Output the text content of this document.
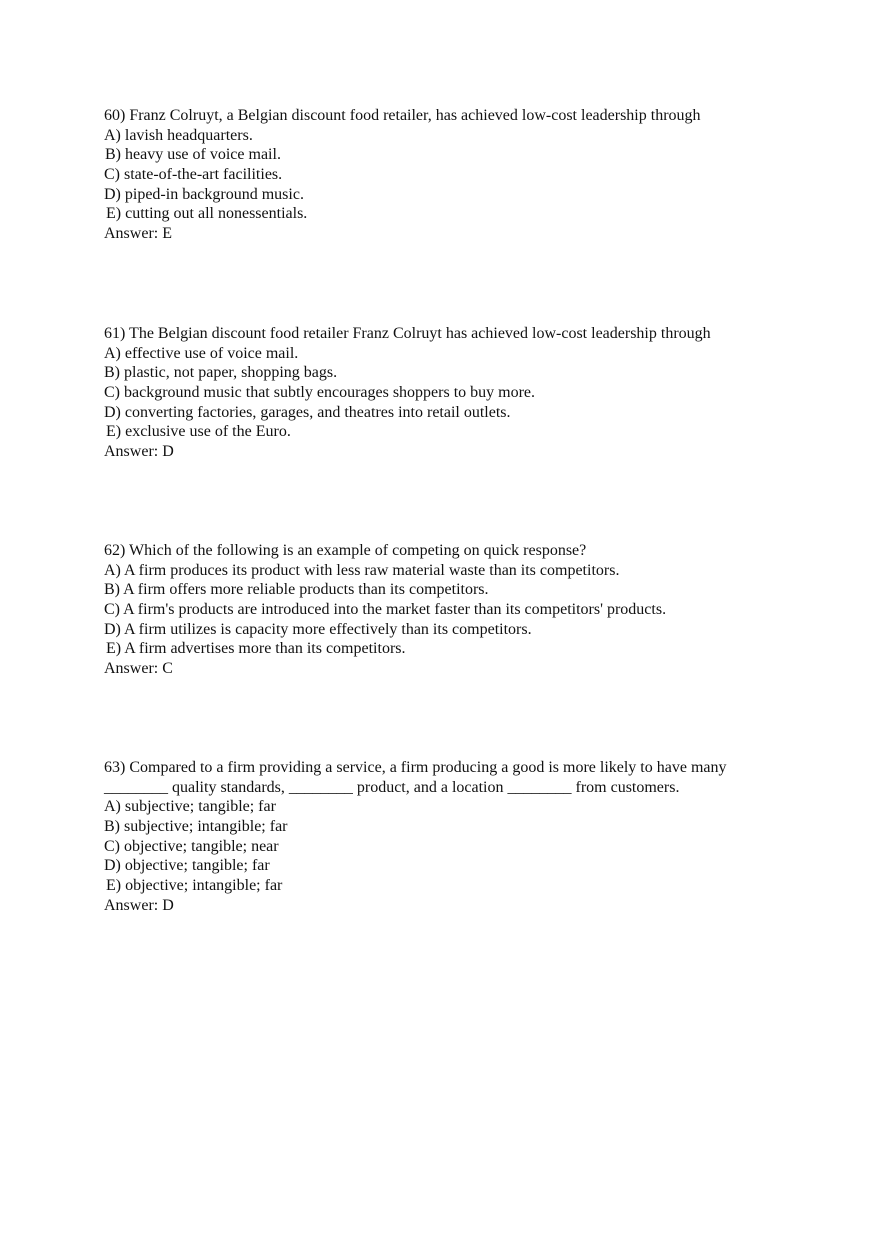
60) Franz Colruyt, a Belgian discount food retailer, has achieved low-cost leadership through
A) lavish headquarters.
B) heavy use of voice mail.
C) state-of-the-art facilities.
D) piped-in background music.
E) cutting out all nonessentials.
Answer: E
61) The Belgian discount food retailer Franz Colruyt has achieved low-cost leadership through
A) effective use of voice mail.
B) plastic, not paper, shopping bags.
C) background music that subtly encourages shoppers to buy more.
D) converting factories, garages, and theatres into retail outlets.
E) exclusive use of the Euro.
Answer: D
62) Which of the following is an example of competing on quick response?
A) A firm produces its product with less raw material waste than its competitors.
B) A firm offers more reliable products than its competitors.
C) A firm's products are introduced into the market faster than its competitors' products.
D) A firm utilizes is capacity more effectively than its competitors.
E) A firm advertises more than its competitors.
Answer: C
63) Compared to a firm providing a service, a firm producing a good is more likely to have many
________ quality standards, ________ product, and a location ________ from customers.
A) subjective; tangible; far
B) subjective; intangible; far
C) objective; tangible; near
D) objective; tangible; far
E) objective; intangible; far
Answer: D
